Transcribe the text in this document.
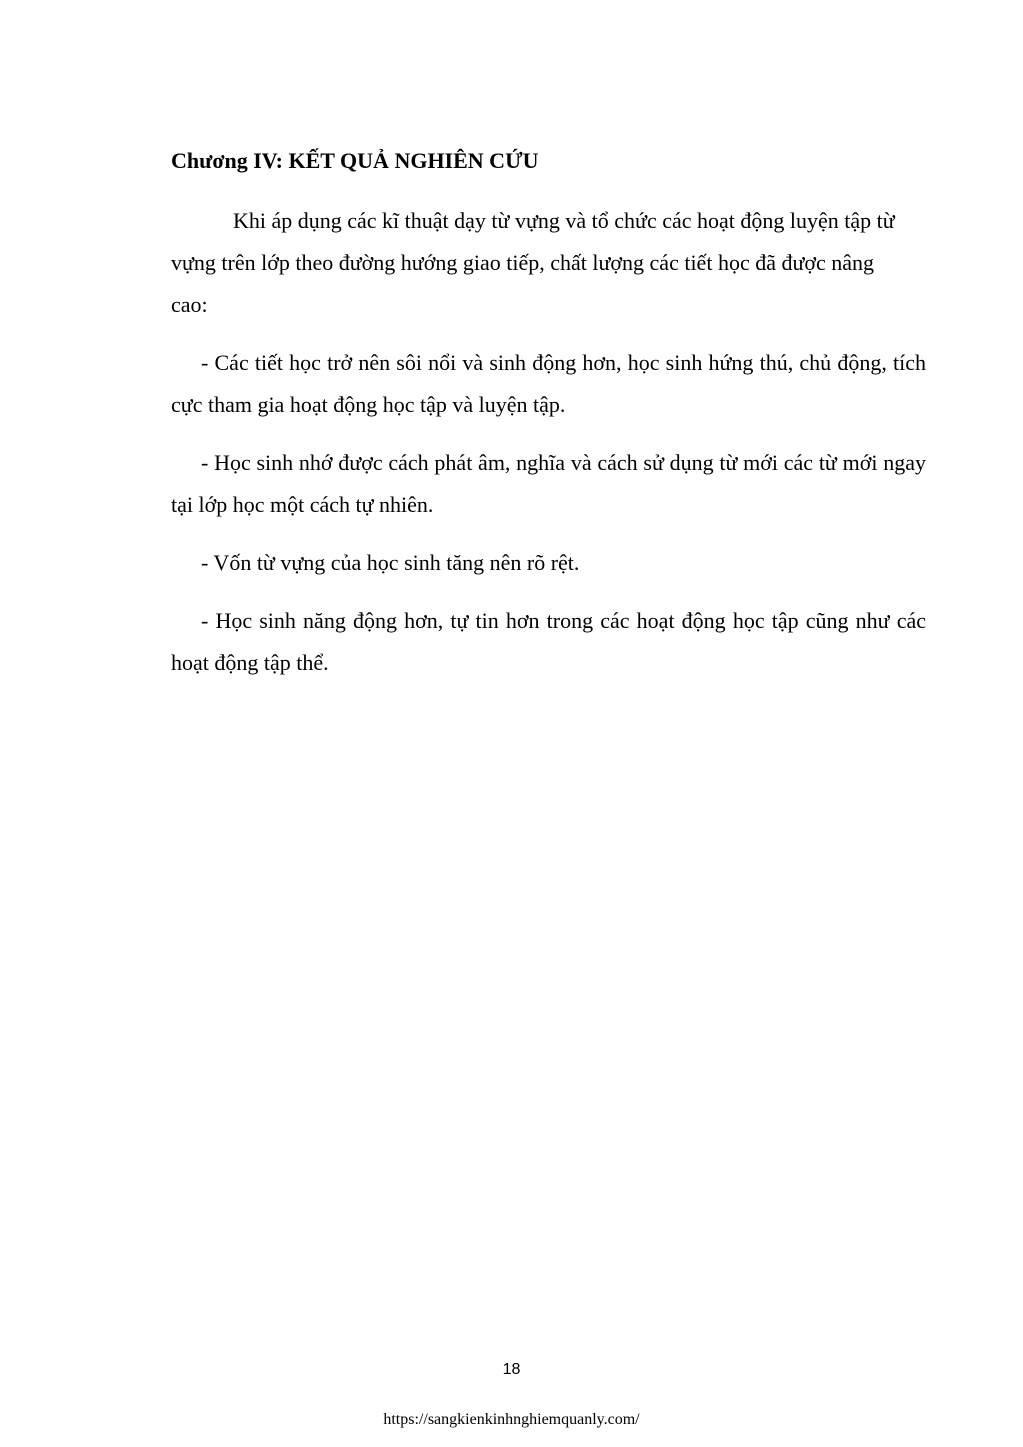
Chương IV: KẾT QUẢ NGHIÊN CỨU

Khi áp dụng các kĩ thuật dạy từ vựng và tổ chức các hoạt động luyện tập từ vựng trên lớp theo đường hướng giao tiếp, chất lượng các tiết học đã được nâng cao:

- Các tiết học trở nên sôi nổi và sinh động hơn, học sinh hứng thú, chủ động, tích cực tham gia hoạt động học tập và luyện tập.

- Học sinh nhớ được cách phát âm, nghĩa và cách sử dụng từ mới các từ mới ngay tại lớp học một cách tự nhiên.

- Vốn từ vựng của học sinh tăng nên rõ rệt.

- Học sinh năng động hơn, tự tin hơn trong các hoạt động học tập cũng như các hoạt động tập thể.

18
https://sangkienkinhnghiemquanly.com/
